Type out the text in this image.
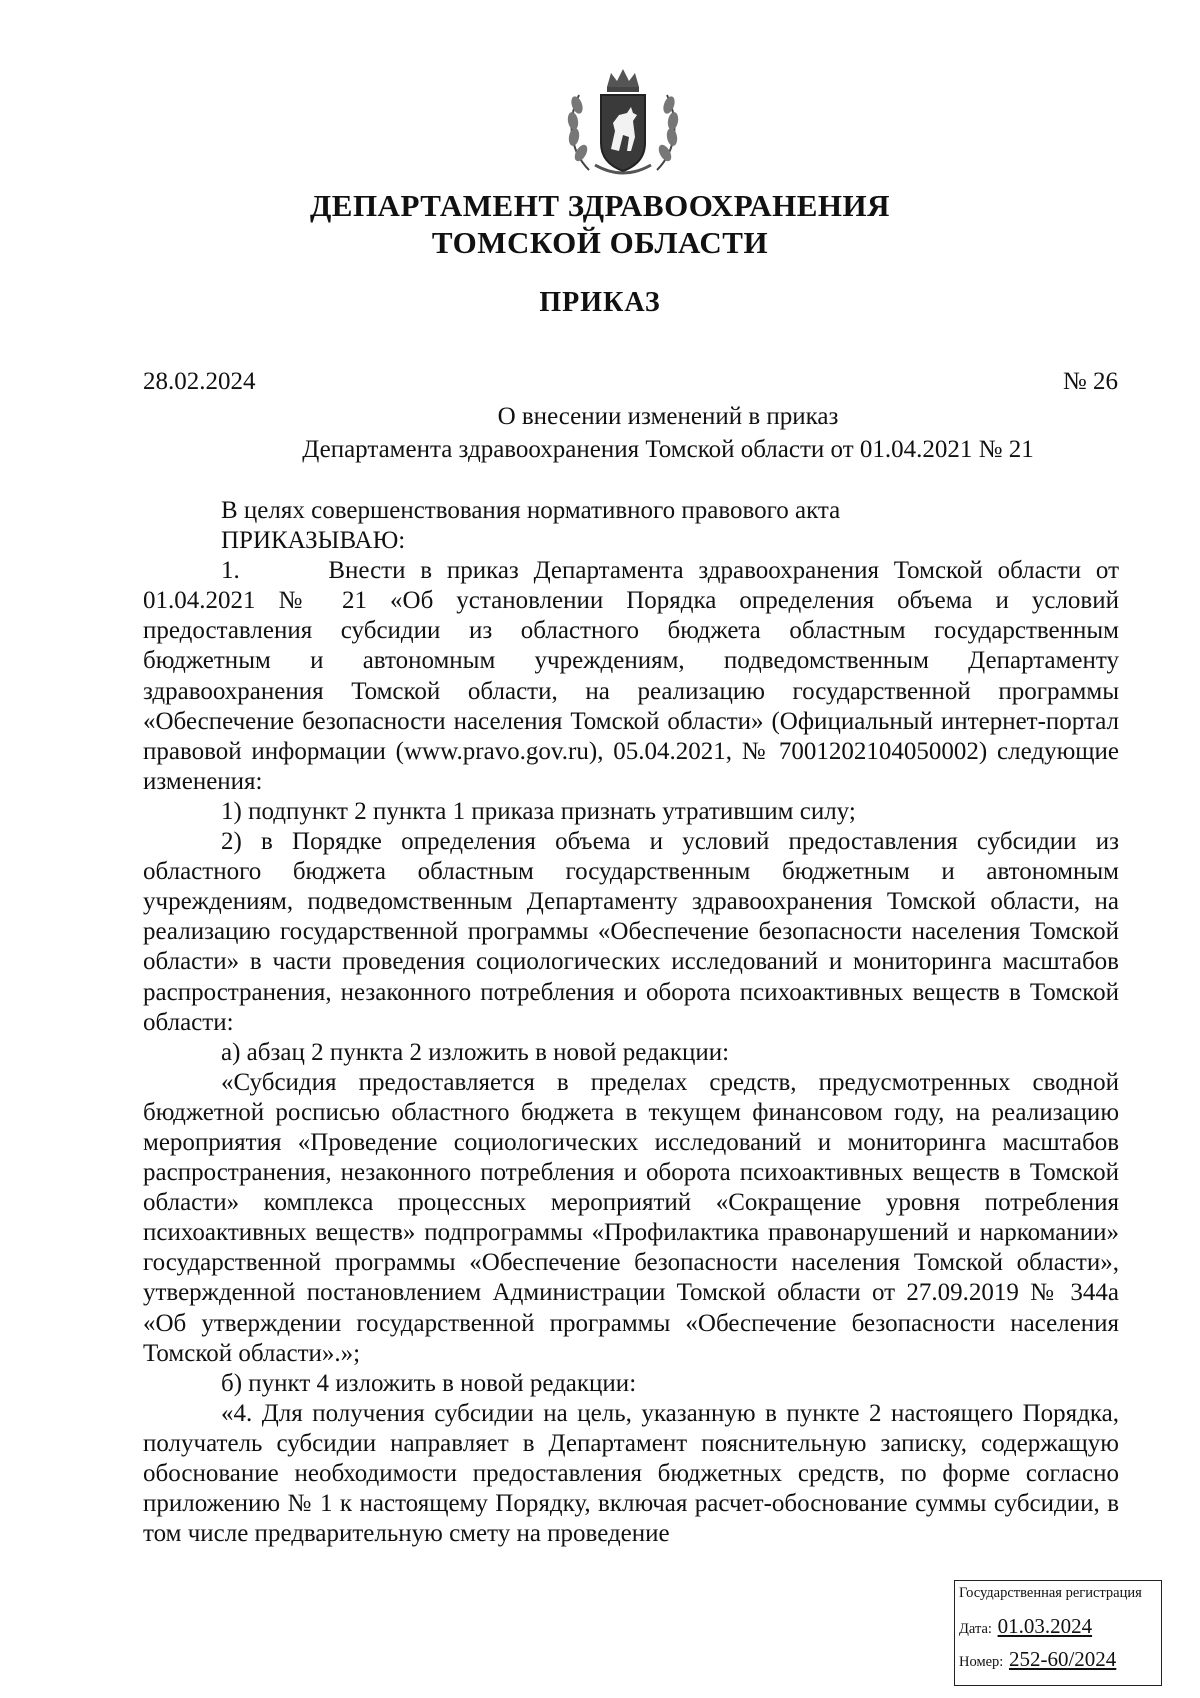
ДЕПАРТАМЕНТ ЗДРАВООХРАНЕНИЯ
ТОМСКОЙ ОБЛАСТИ
ПРИКАЗ
28.02.2024	№ 26
О внесении изменений в приказ
Департамента здравоохранения Томской области от 01.04.2021 № 21

В целях совершенствования нормативного правового акта

ПРИКАЗЫВАЮ:

1.      Внести в приказ Департамента здравоохранения Томской области от 01.04.2021 № 21 «Об установлении Порядка определения объема и условий предоставления субсидии из областного бюджета областным государственным бюджетным и автономным учреждениям, подведомственным Департаменту здравоохранения Томской области, на реализацию государственной программы «Обеспечение безопасности населения Томской области» (Официальный интернет-портал правовой информации (www.pravo.gov.ru), 05.04.2021, № 7001202104050002) следующие изменения:

1) подпункт 2 пункта 1 приказа признать утратившим силу;

2) в Порядке определения объема и условий предоставления субсидии из областного бюджета областным государственным бюджетным и автономным учреждениям, подведомственным Департаменту здравоохранения Томской области, на реализацию государственной программы «Обеспечение безопасности населения Томской области» в части проведения социологических исследований и мониторинга масштабов распространения, незаконного потребления и оборота психоактивных веществ в Томской области:

а) абзац 2 пункта 2 изложить в новой редакции:

«Субсидия предоставляется в пределах средств, предусмотренных сводной бюджетной росписью областного бюджета в текущем финансовом году, на реализацию мероприятия «Проведение социологических исследований и мониторинга масштабов распространения, незаконного потребления и оборота психоактивных веществ в Томской области» комплекса процессных мероприятий «Сокращение уровня потребления психоактивных веществ» подпрограммы «Профилактика правонарушений и наркомании» государственной программы «Обеспечение безопасности населения Томской области», утвержденной постановлением Администрации Томской области от 27.09.2019 № 344а «Об утверждении государственной программы «Обеспечение безопасности населения Томской области».»;

б) пункт 4 изложить в новой редакции:

«4. Для получения субсидии на цель, указанную в пункте 2 настоящего Порядка, получатель субсидии направляет в Департамент пояснительную записку, содержащую обоснование необходимости предоставления бюджетных средств, по форме согласно приложению № 1 к настоящему Порядку, включая расчет-обоснование суммы субсидии, в том числе предварительную смету на проведение

Государственная регистрация
Дата: 01.03.2024
Номер: 252-60/2024
